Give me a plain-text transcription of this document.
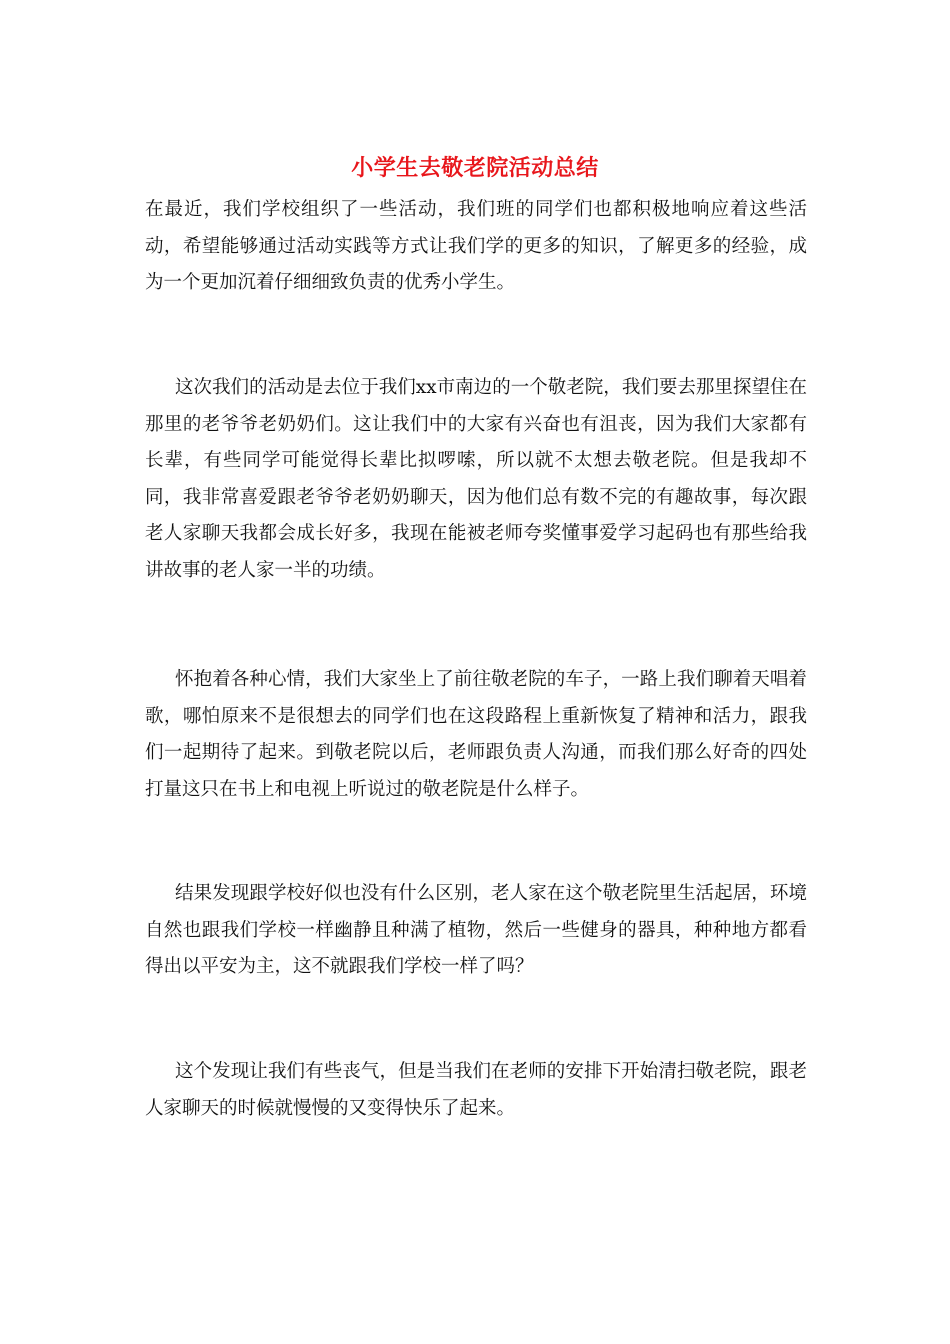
小学生去敬老院活动总结

在最近，我们学校组织了一些活动，我们班的同学们也都积极地响应着这些活动，希望能够通过活动实践等方式让我们学的更多的知识，了解更多的经验，成为一个更加沉着仔细细致负责的优秀小学生。

这次我们的活动是去位于我们xx市南边的一个敬老院，我们要去那里探望住在那里的老爷爷老奶奶们。这让我们中的大家有兴奋也有沮丧，因为我们大家都有长辈，有些同学可能觉得长辈比拟啰嗦，所以就不太想去敬老院。但是我却不同，我非常喜爱跟老爷爷老奶奶聊天，因为他们总有数不完的有趣故事，每次跟老人家聊天我都会成长好多，我现在能被老师夸奖懂事爱学习起码也有那些给我讲故事的老人家一半的功绩。

怀抱着各种心情，我们大家坐上了前往敬老院的车子，一路上我们聊着天唱着歌，哪怕原来不是很想去的同学们也在这段路程上重新恢复了精神和活力，跟我们一起期待了起来。到敬老院以后，老师跟负责人沟通，而我们那么好奇的四处打量这只在书上和电视上听说过的敬老院是什么样子。

结果发现跟学校好似也没有什么区别，老人家在这个敬老院里生活起居，环境自然也跟我们学校一样幽静且种满了植物，然后一些健身的器具，种种地方都看得出以平安为主，这不就跟我们学校一样了吗？

这个发现让我们有些丧气，但是当我们在老师的安排下开始清扫敬老院，跟老人家聊天的时候就慢慢的又变得快乐了起来。
